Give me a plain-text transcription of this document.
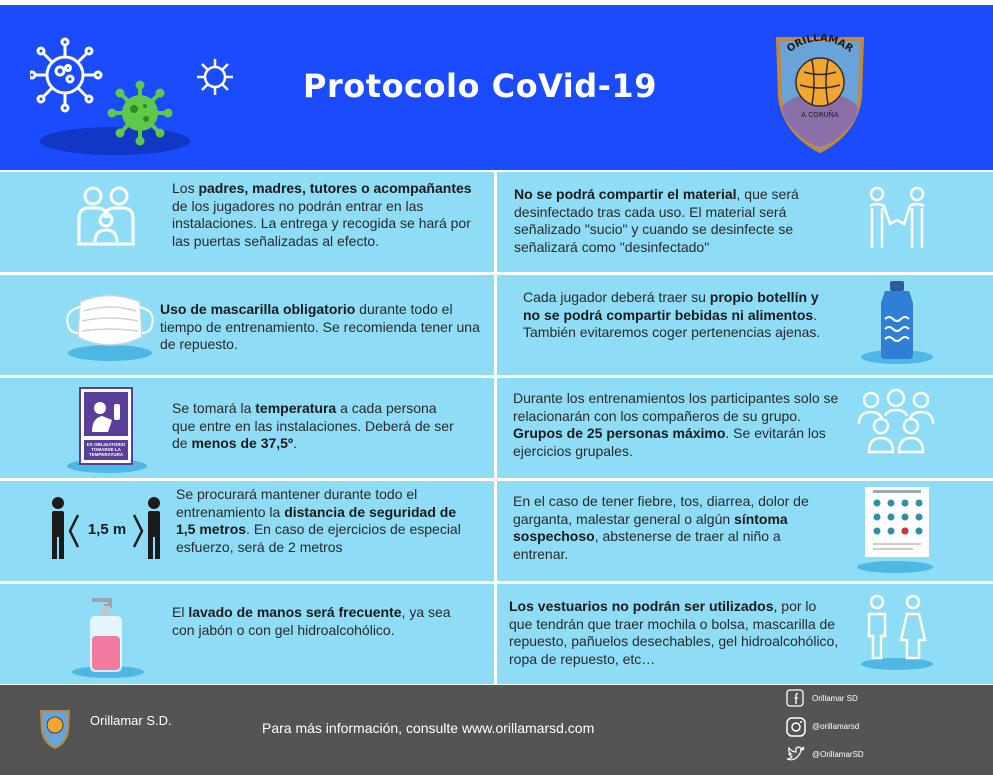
Protocolo CoVid-19
ORILLAMAR
A CORUÑA
Los padres, madres, tutores o acompañantes de los jugadores no podrán entrar en las instalaciones. La entrega y recogida se hará por las puertas señalizadas al efecto.
No se podrá compartir el material, que será desinfectado tras cada uso. El material será señalizado "sucio" y cuando se desinfecte se señalizará como "desinfectado"
Uso de mascarilla obligatorio durante todo el tiempo de entrenamiento. Se recomienda tener una de repuesto.
Cada jugador deberá traer su propio botellín y no se podrá compartir bebidas ni alimentos. También evitaremos coger pertenencias ajenas.
ES OBLIGATORIO TOMARSE LA TEMPERATURA
Se tomará la temperatura a cada persona que entre en las instalaciones. Deberá de ser de menos de 37,5º.
Durante los entrenamientos los participantes solo se relacionarán con los compañeros de su grupo. Grupos de 25 personas máximo. Se evitarán los ejercicios grupales.
1,5 m
Se procurará mantener durante todo el entrenamiento la distancia de seguridad de 1,5 metros. En caso de ejercicios de especial esfuerzo, será de 2 metros
En el caso de tener fiebre, tos, diarrea, dolor de garganta, malestar general o algún síntoma sospechoso, abstenerse de traer al niño a entrenar.
El lavado de manos será frecuente, ya sea con jabón o con gel hidroalcohólico.
Los vestuarios no podrán ser utilizados, por lo que tendrán que traer mochila o bolsa, mascarilla de repuesto, pañuelos desechables, gel hidroalcohólico, ropa de repuesto, etc…
Orillamar S.D.	Para más información, consulte www.orillamarsd.com
Orillamar SD
@orillamarsd
@OrillamarSD
